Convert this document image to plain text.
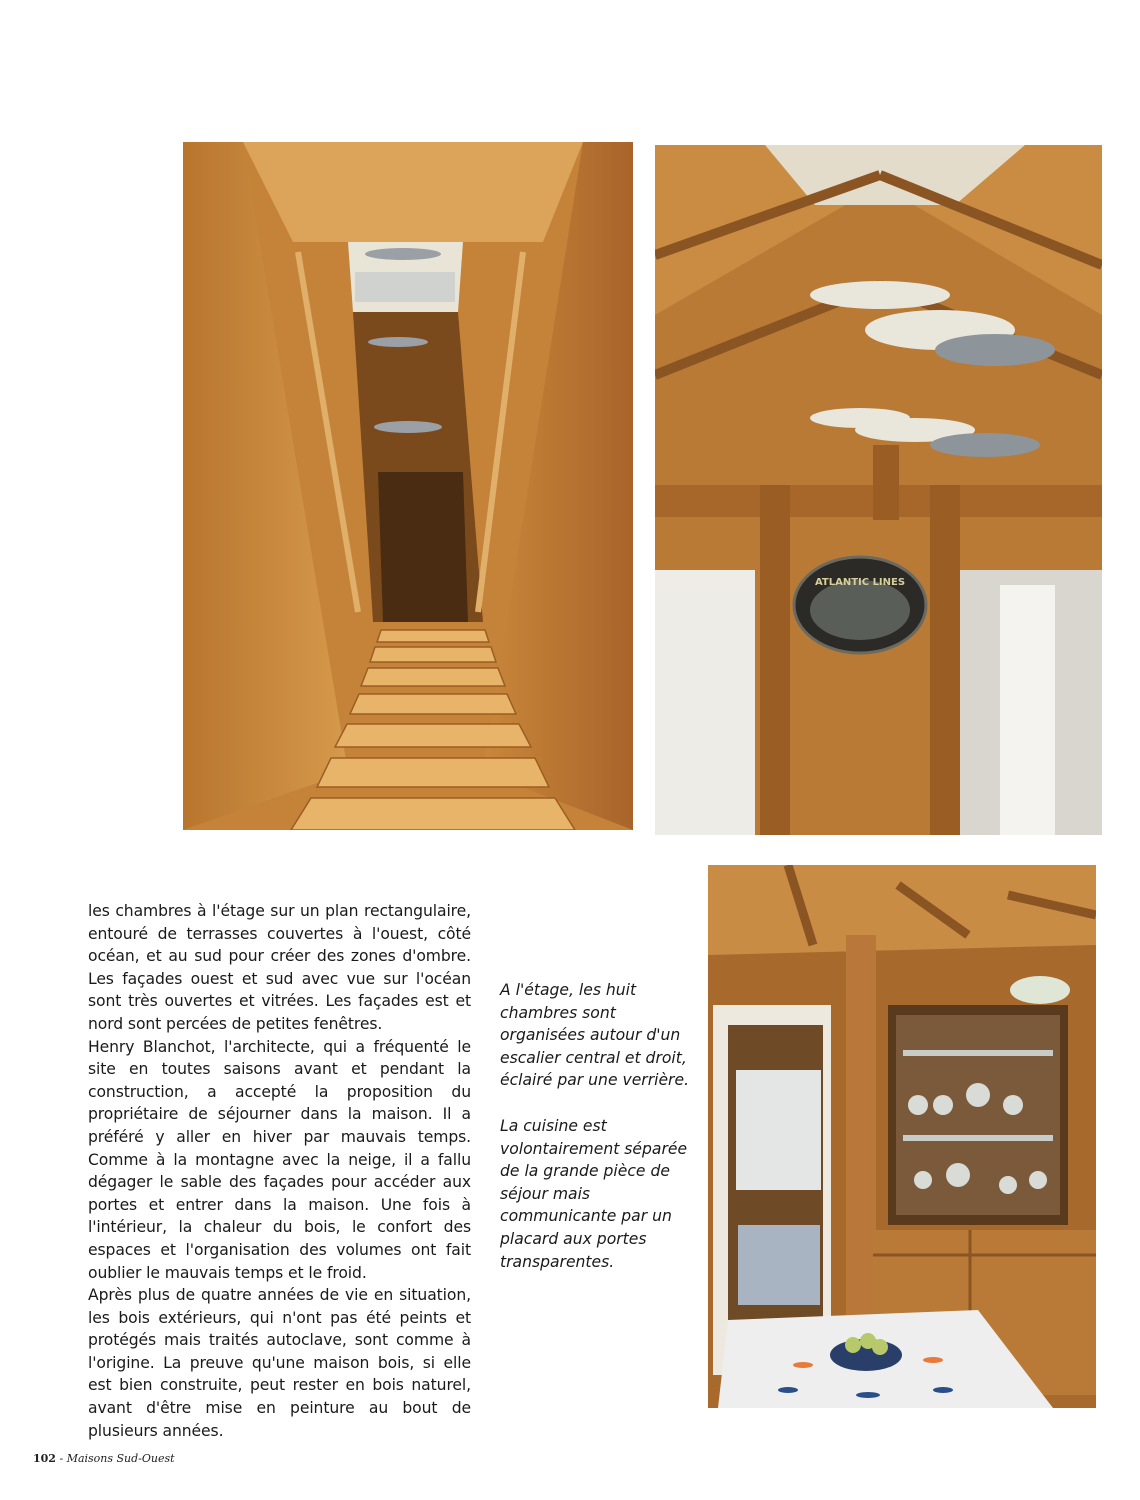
ATLANTIC LINES

les chambres à l'étage sur un plan rectangulaire, entouré de terrasses couvertes à l'ouest, côté océan, et au sud pour créer des zones d'ombre. Les façades ouest et sud avec vue sur l'océan sont très ouvertes et vitrées. Les façades est et nord sont percées de petites fenêtres.

Henry Blanchot, l'architecte, qui a fréquenté le site en toutes saisons avant et pendant la construction, a accepté la proposition du propriétaire de séjourner dans la maison. Il a préféré y aller en hiver par mauvais temps. Comme à la montagne avec la neige, il a fallu dégager le sable des façades pour accéder aux portes et entrer dans la maison. Une fois à l'intérieur, la chaleur du bois, le confort des espaces et l'organisation des volumes ont fait oublier le mauvais temps et le froid.

Après plus de quatre années de vie en situation, les bois extérieurs, qui n'ont pas été peints et protégés mais traités autoclave, sont comme à l'origine. La preuve qu'une maison bois, si elle est bien construite, peut rester en bois naturel, avant d'être mise en peinture au bout de plusieurs années.

A l'étage, les huit chambres sont organisées autour d'un escalier central et droit, éclairé par une verrière.

La cuisine est volontairement séparée de la grande pièce de séjour mais communicante par un placard aux portes transparentes.

102 - Maisons Sud-Ouest
